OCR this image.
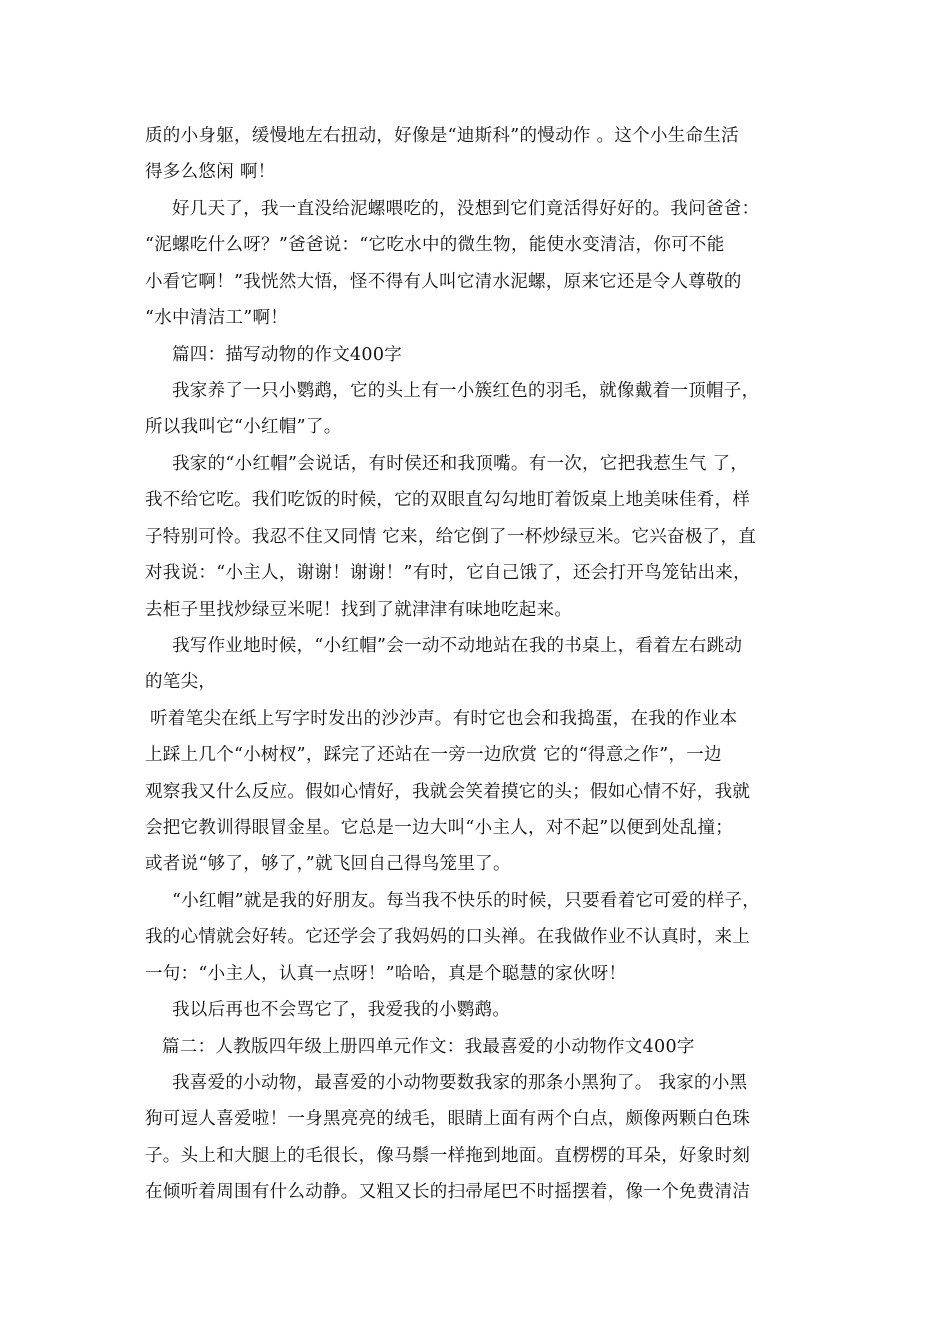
质的小身躯，缓慢地左右扭动，好像是“迪斯科”的慢动作 。这个小生命生活
得多么悠闲 啊！
好几天了，我一直没给泥螺喂吃的，没想到它们竟活得好好的。我问爸爸：
“泥螺吃什么呀？”爸爸说：“它吃水中的微生物，能使水变清洁，你可不能
小看它啊！”我恍然大悟，怪不得有人叫它清水泥螺，原来它还是令人尊敬的
“水中清洁工”啊！
篇四：描写动物的作文400字
我家养了一只小鹦鹉，它的头上有一小簇红色的羽毛，就像戴着一顶帽子，
所以我叫它“小红帽”了。
我家的“小红帽”会说话，有时侯还和我顶嘴。有一次，它把我惹生气 了，
我不给它吃。我们吃饭的时候，它的双眼直勾勾地盯着饭桌上地美味佳肴，样
子特别可怜。我忍不住又同情 它来，给它倒了一杯炒绿豆米。它兴奋极了，直
对我说：“小主人，谢谢！谢谢！”有时，它自己饿了，还会打开鸟笼钻出来，
去柜子里找炒绿豆米呢！找到了就津津有味地吃起来。
我写作业地时候，“小红帽”会一动不动地站在我的书桌上，看着左右跳动
的笔尖，
听着笔尖在纸上写字时发出的沙沙声。有时它也会和我捣蛋，在我的作业本
上踩上几个“小树杈”，踩完了还站在一旁一边欣赏 它的“得意之作”，一边
观察我又什么反应。假如心情好，我就会笑着摸它的头；假如心情不好，我就
会把它教训得眼冒金星。它总是一边大叫“小主人，对不起”以便到处乱撞；
或者说“够了，够了，”就飞回自己得鸟笼里了。
“小红帽”就是我的好朋友。每当我不快乐的时候，只要看着它可爱的样子，
我的心情就会好转。它还学会了我妈妈的口头禅。在我做作业不认真时，来上
一句：“小主人，认真一点呀！”哈哈，真是个聪慧的家伙呀！
我以后再也不会骂它了，我爱我的小鹦鹉。
篇二：人教版四年级上册四单元作文：我最喜爱的小动物作文400字
我喜爱的小动物，最喜爱的小动物要数我家的那条小黑狗了。 我家的小黑
狗可逗人喜爱啦！一身黑亮亮的绒毛，眼睛上面有两个白点，颇像两颗白色珠
子。头上和大腿上的毛很长，像马鬃一样拖到地面。直楞楞的耳朵，好象时刻
在倾听着周围有什么动静。又粗又长的扫帚尾巴不时摇摆着，像一个免费清洁
